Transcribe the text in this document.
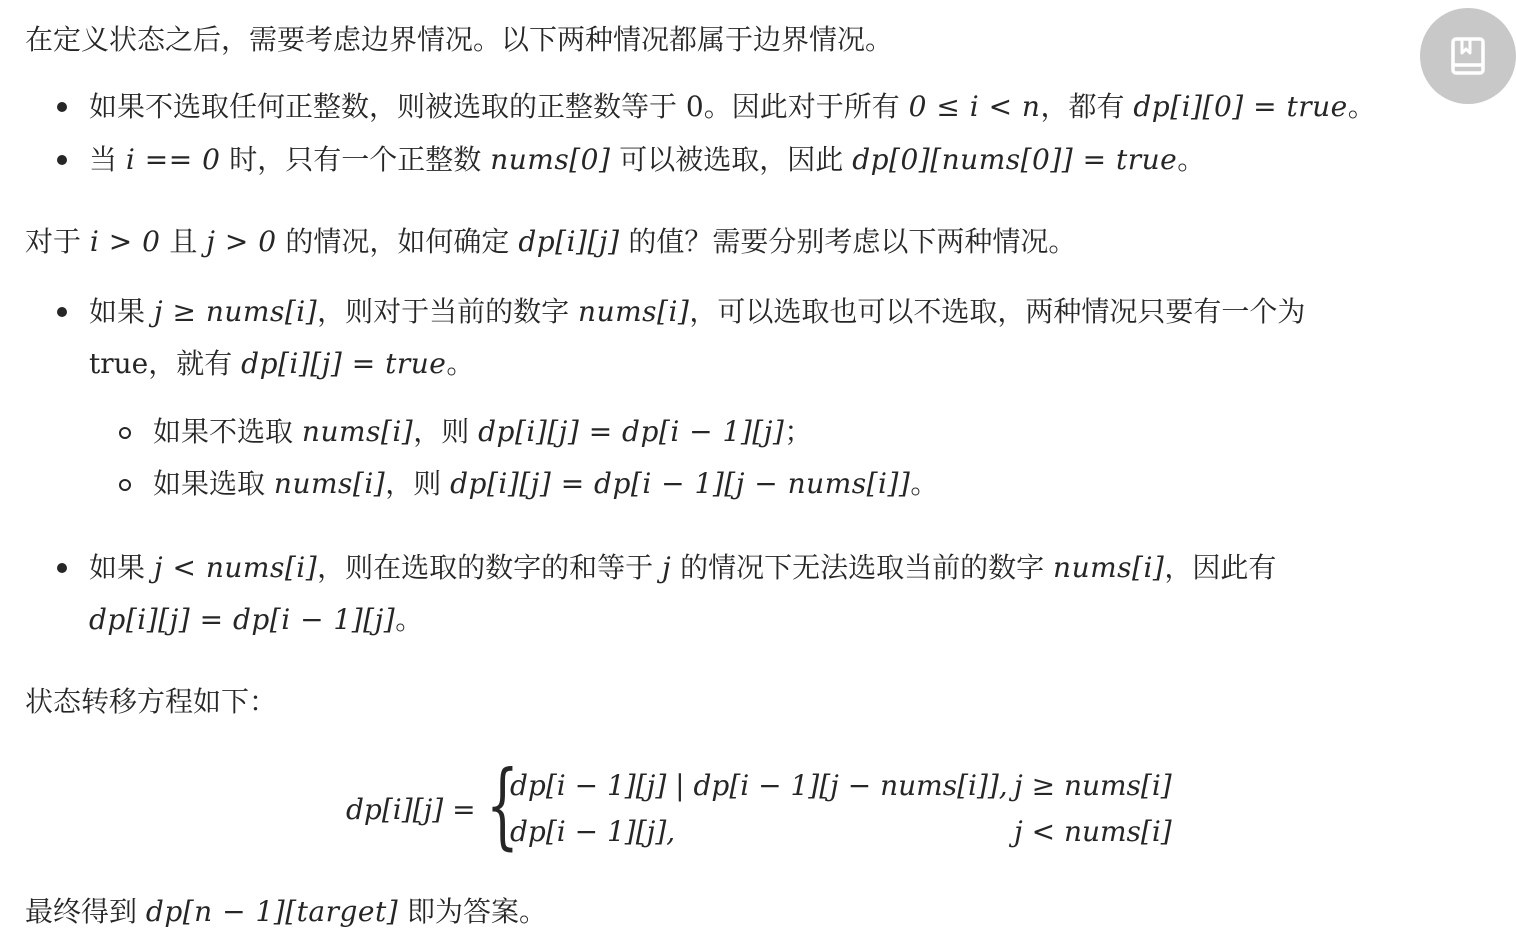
在定义状态之后，需要考虑边界情况。以下两种情况都属于边界情况。
如果不选取任何正整数，则被选取的正整数等于 0。因此对于所有 0 ≤ i < n，都有 dp[i][0] = true。
当 i == 0 时，只有一个正整数 nums[0] 可以被选取，因此 dp[0][nums[0]] = true。
对于 i > 0 且 j > 0 的情况，如何确定 dp[i][j] 的值？需要分别考虑以下两种情况。
如果 j ≥ nums[i]，则对于当前的数字 nums[i]，可以选取也可以不选取，两种情况只要有一个为
true，就有 dp[i][j] = true。
如果不选取 nums[i]，则 dp[i][j] = dp[i − 1][j]；
如果选取 nums[i]，则 dp[i][j] = dp[i − 1][j − nums[i]]。
如果 j < nums[i]，则在选取的数字的和等于 j 的情况下无法选取当前的数字 nums[i]，因此有
dp[i][j] = dp[i − 1][j]。
状态转移方程如下：
最终得到 dp[n − 1][target] 即为答案。
dp[i][j] = {
dp[i − 1][j] | dp[i − 1][j − nums[i]], j ≥ nums[i]
dp[i − 1][j],	j < nums[i]
